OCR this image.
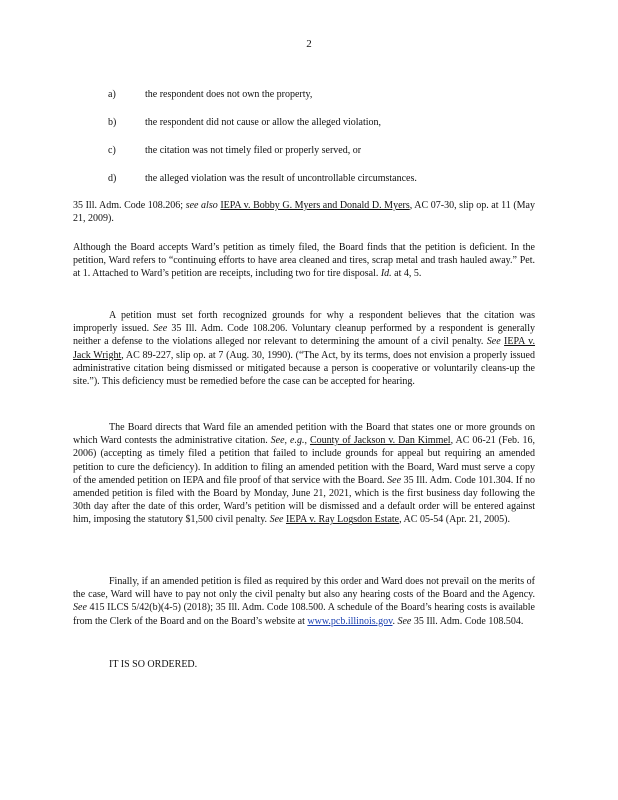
2
a)	the respondent does not own the property,
b)	the respondent did not cause or allow the alleged violation,
c)	the citation was not timely filed or properly served, or
d)	the alleged violation was the result of uncontrollable circumstances.

35 Ill. Adm. Code 108.206; see also IEPA v. Bobby G. Myers and Donald D. Myers, AC 07-30, slip op. at 11 (May 21, 2009).

Although the Board accepts Ward’s petition as timely filed, the Board finds that the petition is deficient. In the petition, Ward refers to “continuing efforts to have area cleaned and tires, scrap metal and trash hauled away.” Pet. at 1. Attached to Ward’s petition are receipts, including two for tire disposal. Id. at 4, 5.

A petition must set forth recognized grounds for why a respondent believes that the citation was improperly issued. See 35 Ill. Adm. Code 108.206. Voluntary cleanup performed by a respondent is generally neither a defense to the violations alleged nor relevant to determining the amount of a civil penalty. See IEPA v. Jack Wright, AC 89-227, slip op. at 7 (Aug. 30, 1990). (“The Act, by its terms, does not envision a properly issued administrative citation being dismissed or mitigated because a person is cooperative or voluntarily cleans-up the site.”). This deficiency must be remedied before the case can be accepted for hearing.

The Board directs that Ward file an amended petition with the Board that states one or more grounds on which Ward contests the administrative citation. See, e.g., County of Jackson v. Dan Kimmel, AC 06-21 (Feb. 16, 2006) (accepting as timely filed a petition that failed to include grounds for appeal but requiring an amended petition to cure the deficiency). In addition to filing an amended petition with the Board, Ward must serve a copy of the amended petition on IEPA and file proof of that service with the Board. See 35 Ill. Adm. Code 101.304. If no amended petition is filed with the Board by Monday, June 21, 2021, which is the first business day following the 30th day after the date of this order, Ward’s petition will be dismissed and a default order will be entered against him, imposing the statutory $1,500 civil penalty. See IEPA v. Ray Logsdon Estate, AC 05-54 (Apr. 21, 2005).

Finally, if an amended petition is filed as required by this order and Ward does not prevail on the merits of the case, Ward will have to pay not only the civil penalty but also any hearing costs of the Board and the Agency. See 415 ILCS 5/42(b)(4-5) (2018); 35 Ill. Adm. Code 108.500. A schedule of the Board’s hearing costs is available from the Clerk of the Board and on the Board’s website at www.pcb.illinois.gov. See 35 Ill. Adm. Code 108.504.

IT IS SO ORDERED.
